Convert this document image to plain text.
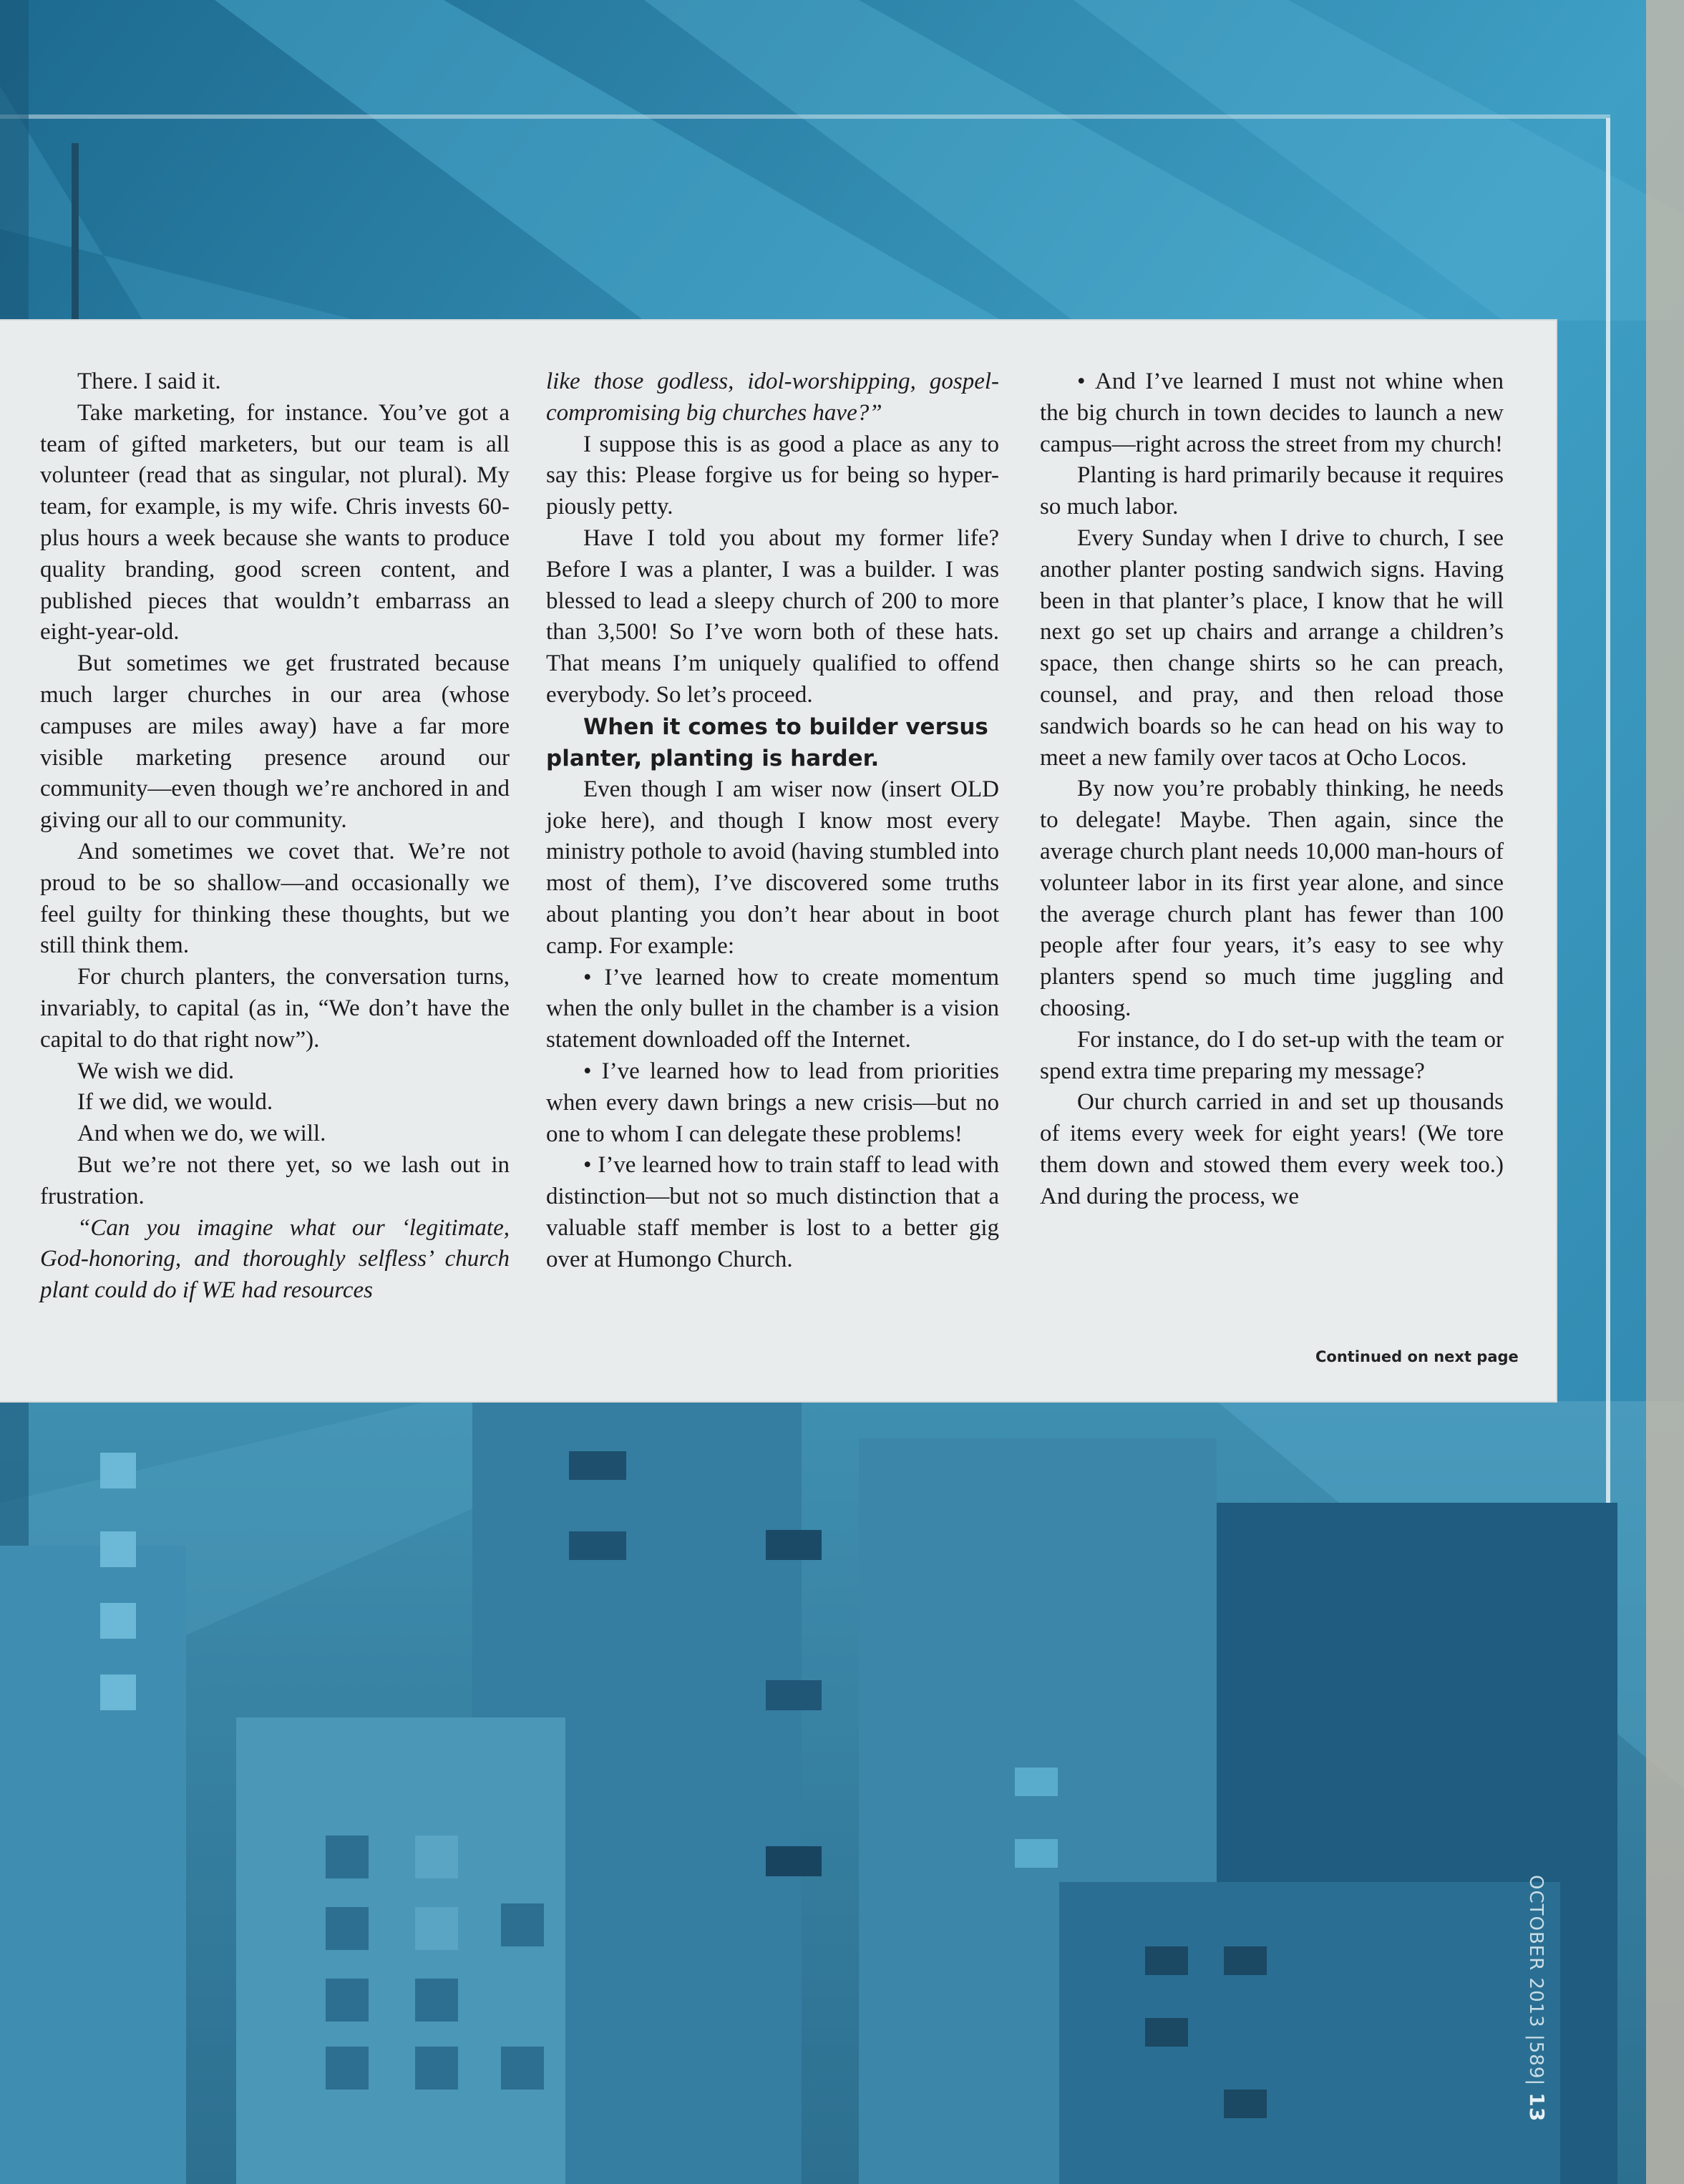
There. I said it.

Take marketing, for instance. You’ve got a team of gifted marketers, but our team is all volunteer (read that as singular, not plural). My team, for example, is my wife. Chris invests 60-plus hours a week because she wants to produce quality branding, good screen content, and published pieces that wouldn’t embarrass an eight-year-old.

But sometimes we get frustrated because much larger churches in our area (whose campuses are miles away) have a far more visible marketing presence around our community—even though we’re anchored in and giving our all to our community.

And sometimes we covet that. We’re not proud to be so shallow—and occasionally we feel guilty for thinking these thoughts, but we still think them.

For church planters, the conversation turns, invariably, to capital (as in, “We don’t have the capital to do that right now”).

We wish we did.

If we did, we would.

And when we do, we will.

But we’re not there yet, so we lash out in frustration.

“Can you imagine what our ‘legitimate, God-honoring, and thoroughly selfless’ church plant could do if WE had resources

like those godless, idol-worshipping, gospel-compromising big churches have?”

I suppose this is as good a place as any to say this: Please forgive us for being so hyper-piously petty.

Have I told you about my former life? Before I was a planter, I was a builder. I was blessed to lead a sleepy church of 200 to more than 3,500! So I’ve worn both of these hats. That means I’m uniquely qualified to offend everybody. So let’s proceed.

When it comes to builder versus planter, planting is harder.

Even though I am wiser now (insert OLD joke here), and though I know most every ministry pothole to avoid (having stumbled into most of them), I’ve discovered some truths about planting you don’t hear about in boot camp. For example:

• I’ve learned how to create momentum when the only bullet in the chamber is a vision statement downloaded off the Internet.

• I’ve learned how to lead from priorities when every dawn brings a new crisis—but no one to whom I can delegate these problems!

• I’ve learned how to train staff to lead with distinction—but not so much distinction that a valuable staff member is lost to a better gig over at Humongo Church.

• And I’ve learned I must not whine when the big church in town decides to launch a new campus—right across the street from my church!

Planting is hard primarily because it requires so much labor.

Every Sunday when I drive to church, I see another planter posting sandwich signs. Having been in that planter’s place, I know that he will next go set up chairs and arrange a children’s space, then change shirts so he can preach, counsel, and pray, and then reload those sandwich boards so he can head on his way to meet a new family over tacos at Ocho Locos.

By now you’re probably thinking, he needs to delegate! Maybe. Then again, since the average church plant needs 10,000 man-hours of volunteer labor in its first year alone, and since the average church plant has fewer than 100 people after four years, it’s easy to see why planters spend so much time juggling and choosing.

For instance, do I do set-up with the team or spend extra time preparing my message?

Our church carried in and set up thousands of items every week for eight years! (We tore them down and stowed them every week too.) And during the process, we

Continued on next page
OCTOBER 2013 |589| 13
